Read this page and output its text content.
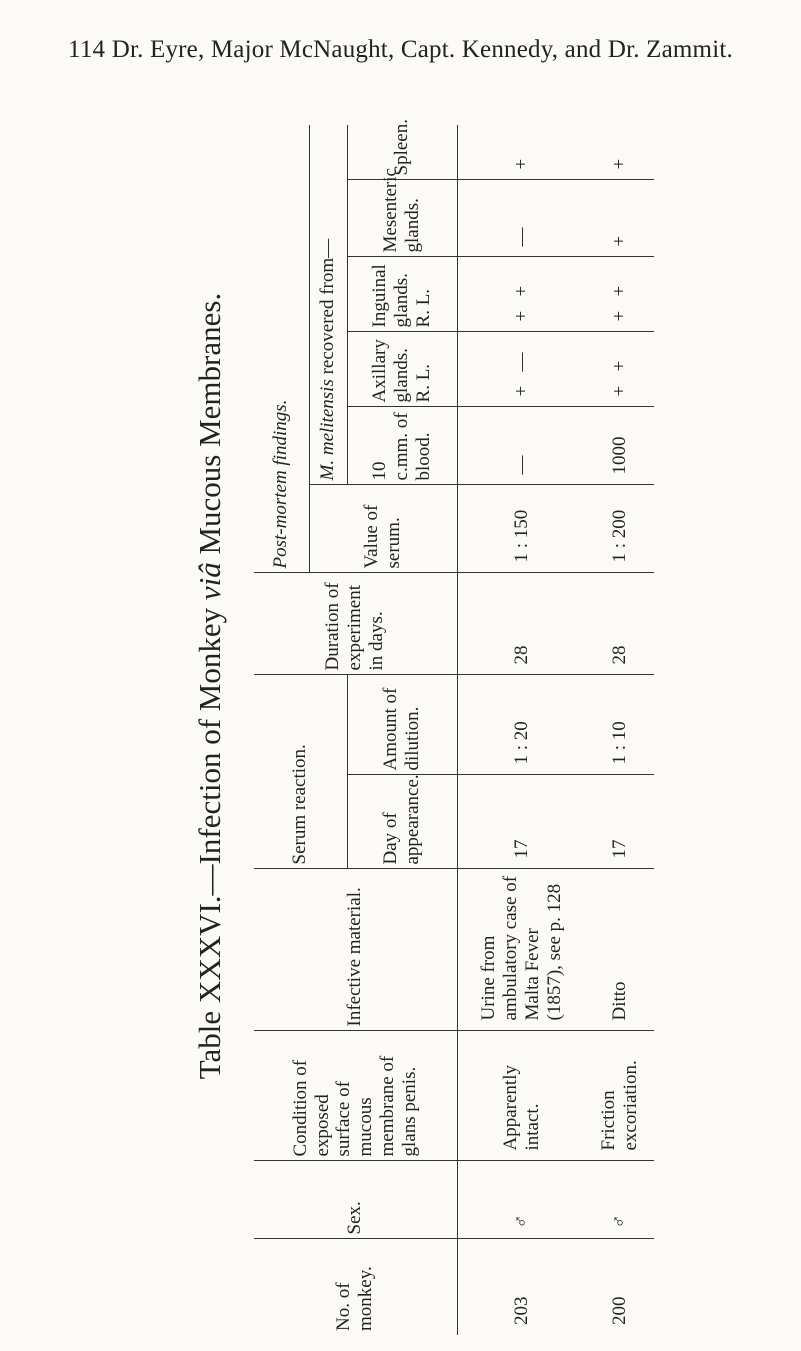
114 Dr. Eyre, Major McNaught, Capt. Kennedy, and Dr. Zammit.
Table XXXVI.—Infection of Monkey viâ Mucous Membranes.
No. of monkey.	Sex.	Condition of exposed surface of mucous membrane of glans penis.	Infective material.	Serum reaction.		Duration of experiment in days.	Post-mortem findings.					
							Value of serum.	M. melitensis recovered from—				
				Day of appearance.	Amount of dilution.			10 c.mm. of blood.	Axillary glands. R. L.	Inguinal glands. R. L.	Mesenteric glands.	Spleen.
203	♂	Apparently intact.	Urine from ambulatory case of Malta Fever (1857), see p. 128	17	1 : 20	28	1 : 150	—	+   —	+   +	—	+
200	♂	Friction excoriation.	Ditto	17	1 : 10	28	1 : 200	1000	+   +	+   +	+	+
